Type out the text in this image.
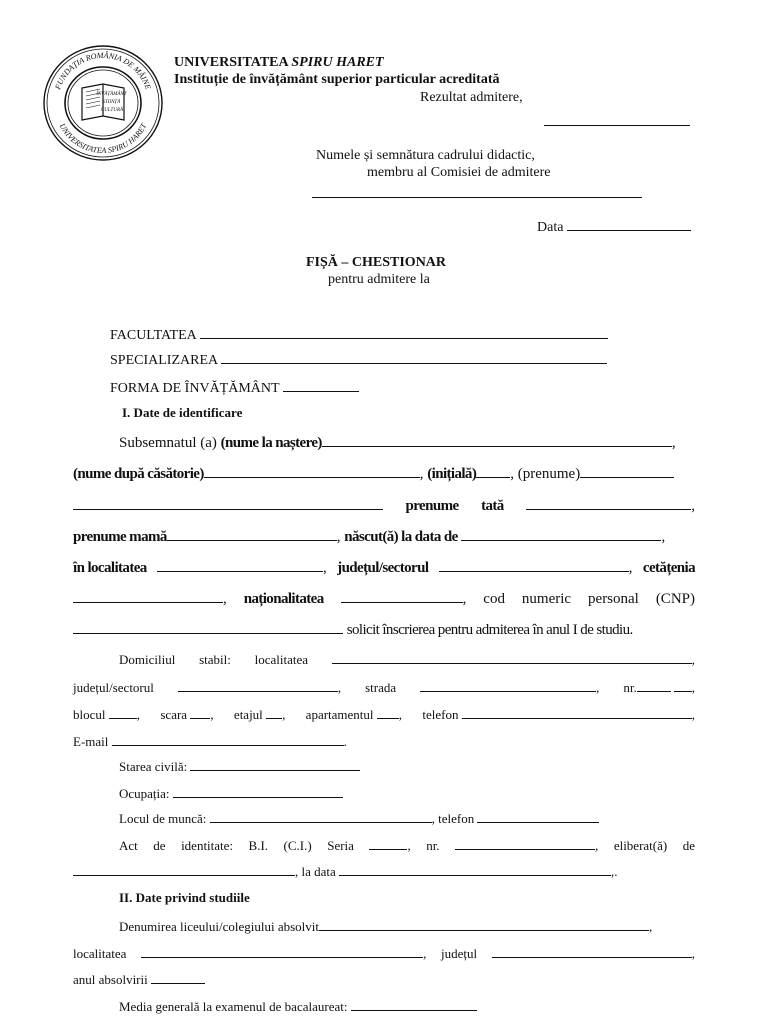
FUNDAȚIA ROMÂNIA DE MÂINE
UNIVERSITATEA SPIRU HARET
ÎNVĂȚĂMÂNT ȘTIINȚĂ CULTURĂ
UNIVERSITATEA SPIRU HARET
Instituție de învățământ superior particular acreditată
Rezultat admitere,
Numele și semnătura cadrului didactic,
membru al Comisiei de admitere
Data
FIȘĂ – CHESTIONAR
pentru admitere la
FACULTATEA
SPECIALIZAREA
FORMA DE ÎNVĂȚĂMÂNT
I. Date de identificare
Subsemnatul (a) (nume la naștere)	,
(nume după căsătorie)	, (inițială) , (prenume)
prenume tată	,
prenume mamă	, născut(ă) la data de	,
în localitatea	, județul/sectorul	, cetățenia
, naționalitatea	, cod numeric personal (CNP)
solicit înscrierea pentru admiterea în anul I de studiu.
Domiciliul stabil: localitatea	,
județul/sectorul	, strada	, nr.	,
blocul , scara , etajul , apartamentul , telefon	,
E-mail	.
Starea civilă:
Ocupația:
Locul de muncă:	, telefon
Act de identitate: B.I. (C.I.) Seria	, nr.	, eliberat(ă) de
, la data	,.
II. Date privind studiile
Denumirea liceului/colegiului absolvit	,
localitatea	, județul	,
anul absolvirii
Media generală la examenul de bacalaureat:
